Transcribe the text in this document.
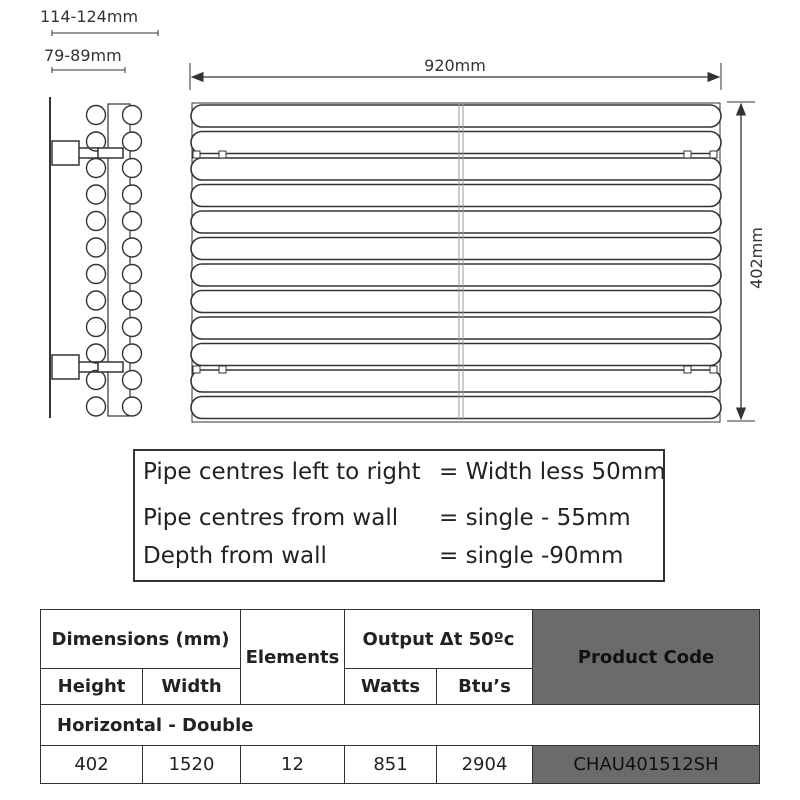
114-124mm
79-89mm
920mm
402mm
Pipe centres left to right = Width less 50mm
Pipe centres from wall = single - 55mm
Depth from wall	= single -90mm
Dimensions (mm)		Elements	Output Δt 50ºc		Product Code
Height	Width		Watts	Btu’s	
Horizontal - Double					
402	1520	12	851	2904	CHAU401512SH
